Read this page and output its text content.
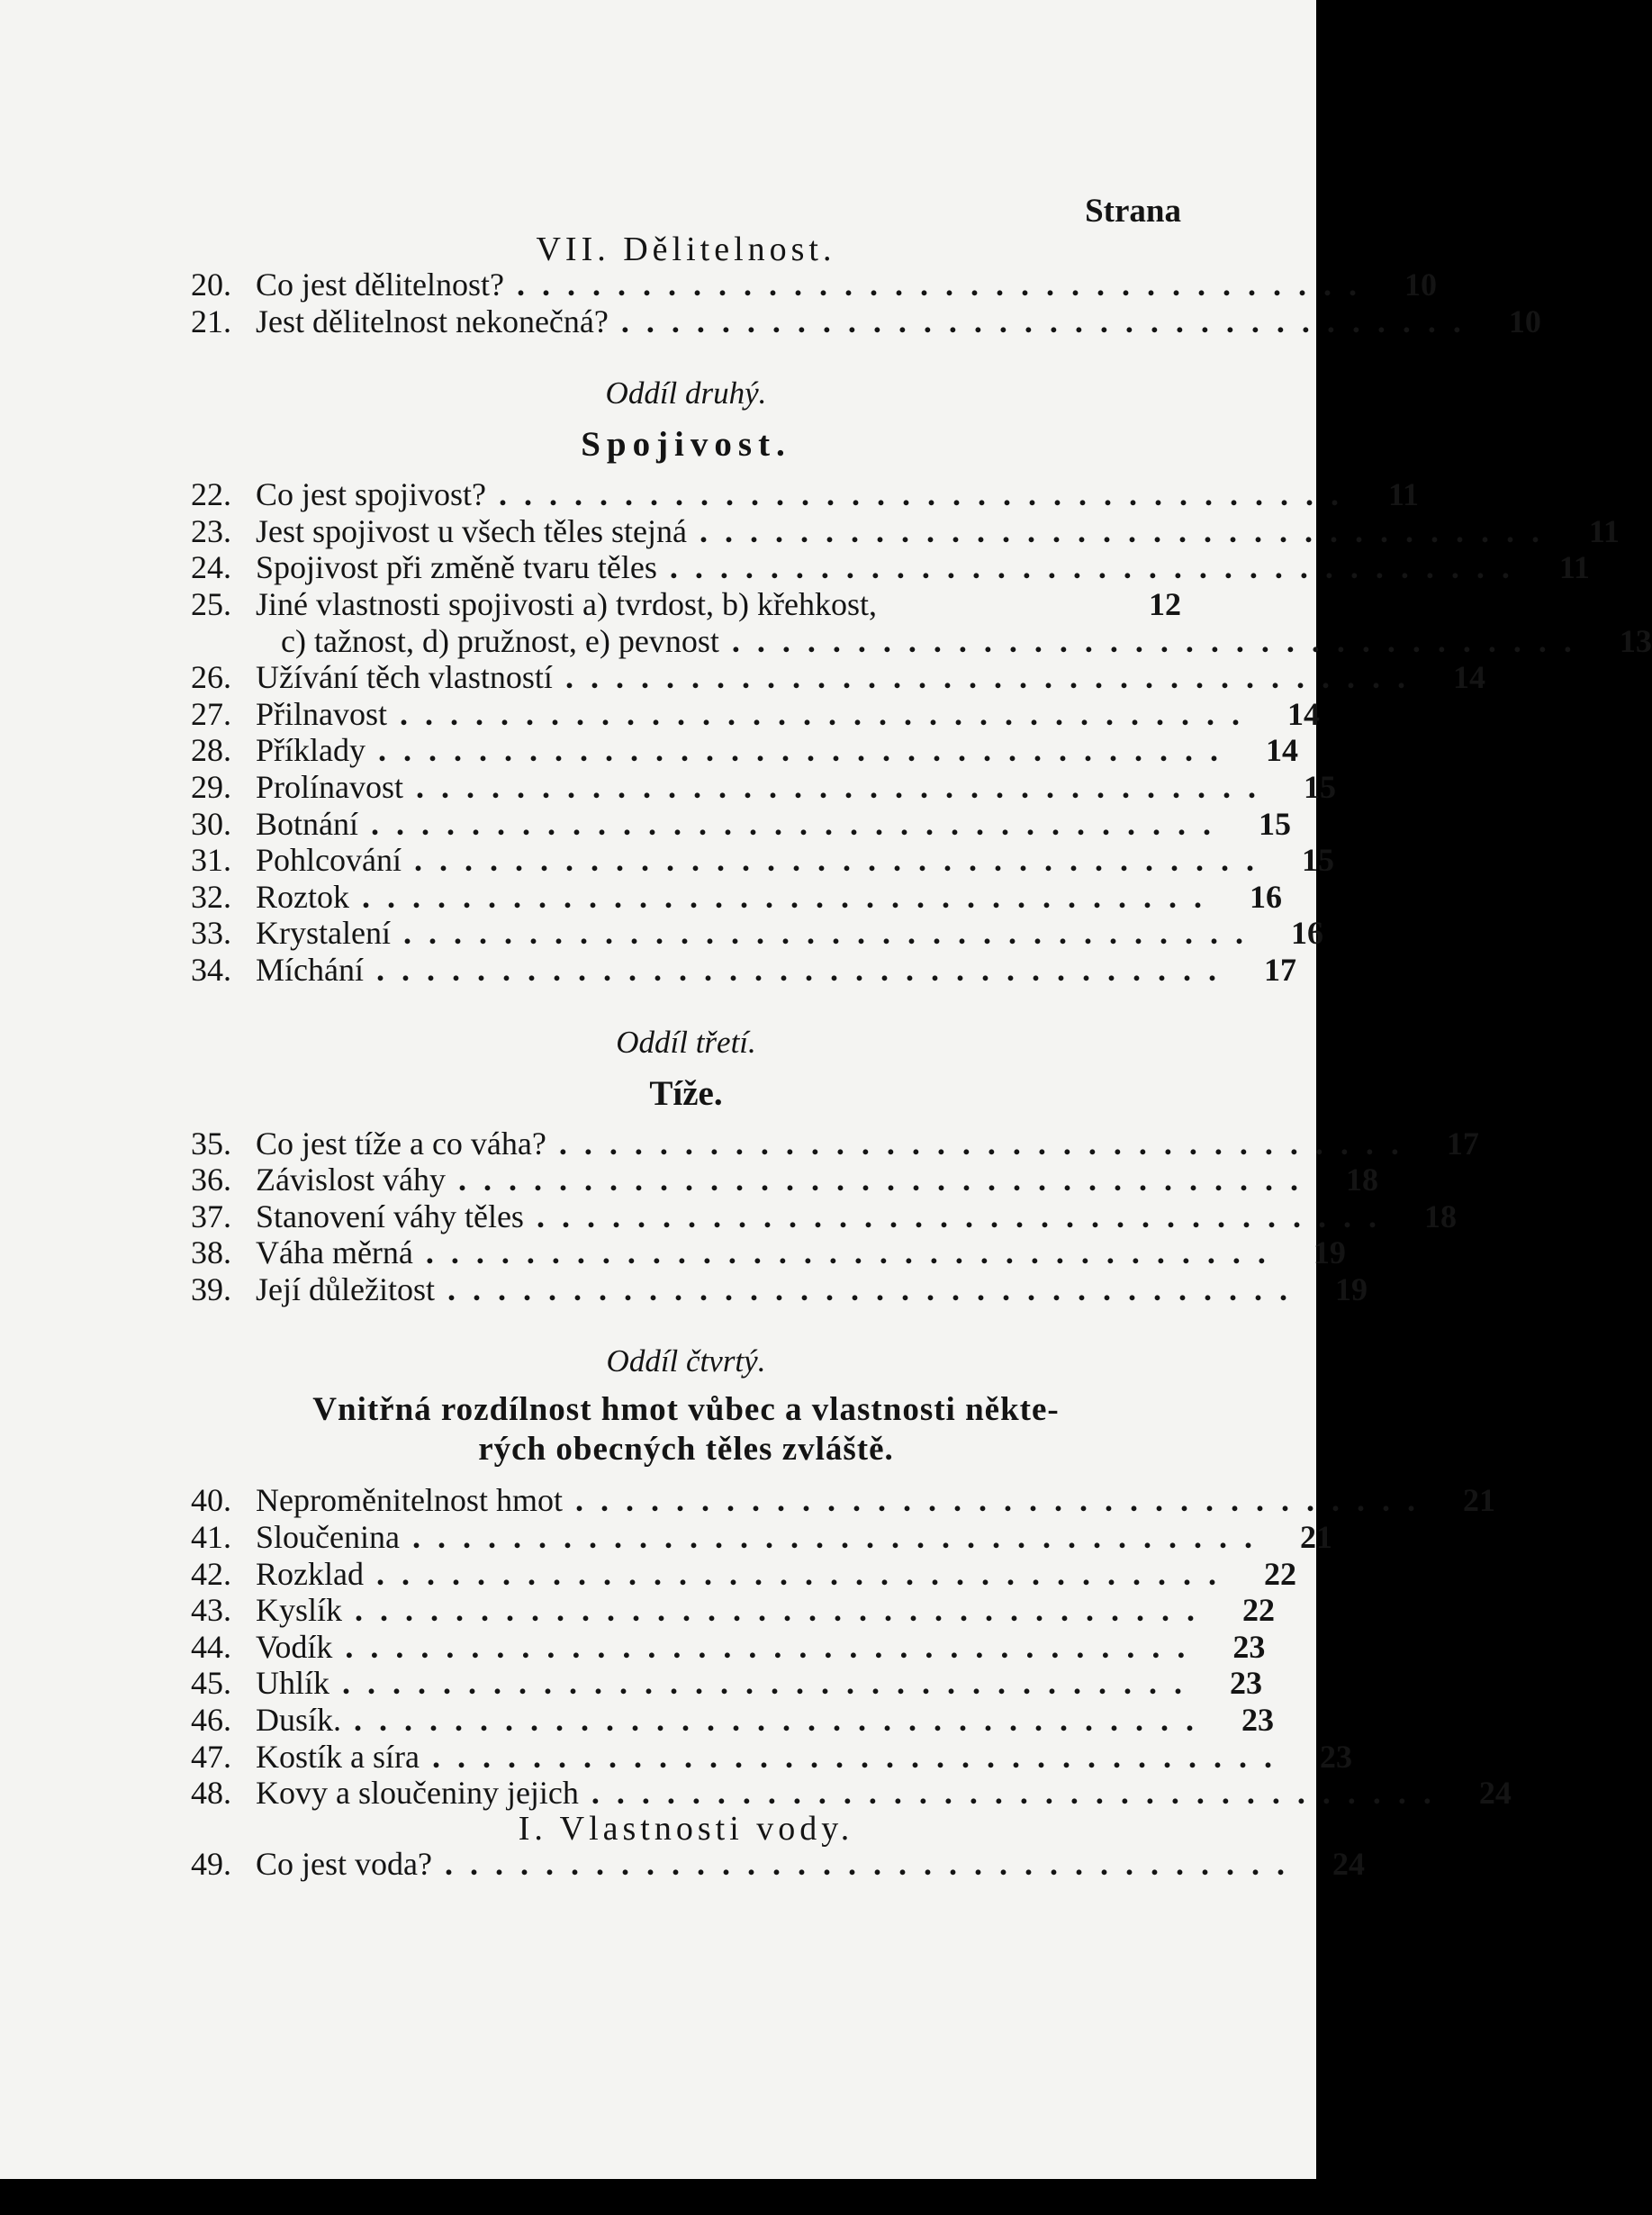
Strana
VII. Dělitelnost.
20. Co jest dělitelnost? .................................. 10
21. Jest dělitelnost nekonečná? .................................. 10
Oddíl druhý.
Spojivost.
22. Co jest spojivost? .................................. 11
23. Jest spojivost u všech těles stejná .................................. 11
24. Spojivost při změně tvaru těles .................................. 11
25. Jiné vlastnosti spojivosti a) tvrdost, b) křehkost,	12
c) tažnost, d) pružnost, e) pevnost .................................. 13
26. Užívání těch vlastností .................................. 14
27. Přilnavost .................................. 14
28. Příklady .................................. 14
29. Prolínavost .................................. 15
30. Botnání .................................. 15
31. Pohlcování .................................. 15
32. Roztok .................................. 16
33. Krystalení .................................. 16
34. Míchání .................................. 17
Oddíl třetí.
Tíže.
35. Co jest tíže a co váha? .................................. 17
36. Závislost váhy .................................. 18
37. Stanovení váhy těles .................................. 18
38. Váha měrná .................................. 19
39. Její důležitost .................................. 19
Oddíl čtvrtý.
Vnitřná rozdílnost hmot vůbec a vlastnosti někte-
rých obecných těles zvláště.
40. Neproměnitelnost hmot .................................. 21
41. Sloučenina .................................. 21
42. Rozklad .................................. 22
43. Kyslík .................................. 22
44. Vodík .................................. 23
45. Uhlík .................................. 23
46. Dusík. .................................. 23
47. Kostík a síra .................................. 23
48. Kovy a sloučeniny jejich .................................. 24
I. Vlastnosti vody.
49. Co jest voda? .................................. 24
